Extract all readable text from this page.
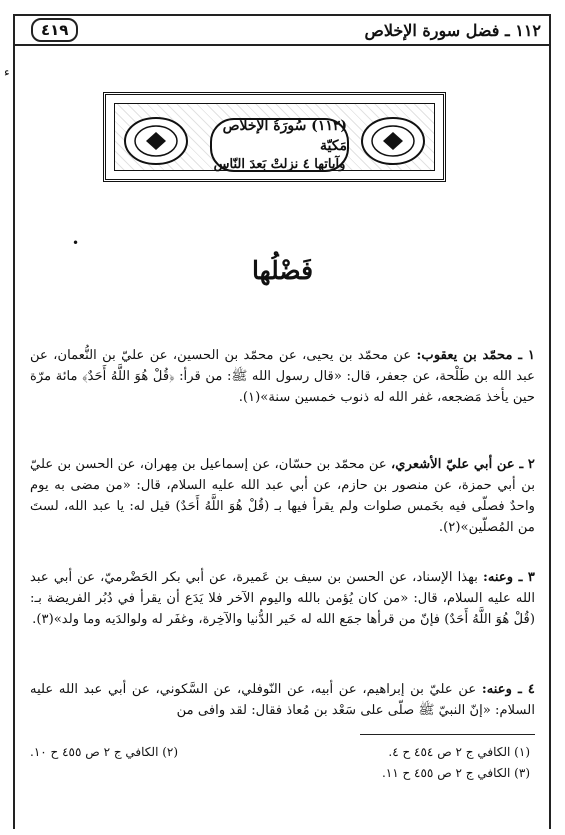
٤١٩	١١٢ ـ فضل سورة الإخلاص
ء
•
(١١٢) سُورَةُ الإخلاص مَكيّة
وآياتها ٤ نزلتْ بَعدَ النّاس
فَضْلُها

١ ـ محمّد بن يعقوب: عن محمّد بن يحيى، عن محمّد بن الحسين، عن عليّ بن النُّعمان، عن عبد الله بن طَلْحة، عن جعفر، قال: «قال رسول الله ﷺ: من قرأ: ﴿قُلْ هُوَ اللَّهُ أَحَدٌ﴾ مائة مرّة حين يأخذ مَضجعه، غفر الله له ذنوب خمسين سنة»(١).

٢ ـ عن أبي عليّ الأشعري، عن محمّد بن حسّان، عن إسماعيل بن مِهران، عن الحسن بن عليّ بن أبي حمزة، عن منصور بن حازم، عن أبي عبد الله عليه السلام، قال: «من مضى به يوم واحدٌ فصلّى فيه بخَمس صلوات ولم يقرأ فيها بـ (قُلْ هُوَ اللَّهُ أَحَدٌ) قيل له: يا عبد الله، لستَ من المُصلّين»(٢).

٣ ـ وعنه: بهذا الإسناد، عن الحسن بن سيف بن عَميرة، عن أبي بكر الحَضْرميّ، عن أبي عبد الله عليه السلام، قال: «من كان يُؤمن بالله واليوم الآخر فلا يَدَع أن يقرأ في دُبُر الفريضة بـ: (قُلْ هُوَ اللَّهُ أَحَدٌ) فإنّ من قرأها جمَع الله له خَير الدُّنيا والآخِرة، وغفَر له ولوالدَيه وما ولد»(٣).

٤ ـ وعنه: عن عليّ بن إبراهيم، عن أبيه، عن النّوفلي، عن السَّكوني، عن أبي عبد الله عليه السلام: «إنّ النبيّ ﷺ صلّى على سَعْد بن مُعاذ فقال: لقد وافى من

(١) الكافي ج ٢ ص ٤٥٤ ح ٤.
(٢) الكافي ج ٢ ص ٤٥٥ ح ١٠.
(٣) الكافي ج ٢ ص ٤٥٥ ح ١١.
